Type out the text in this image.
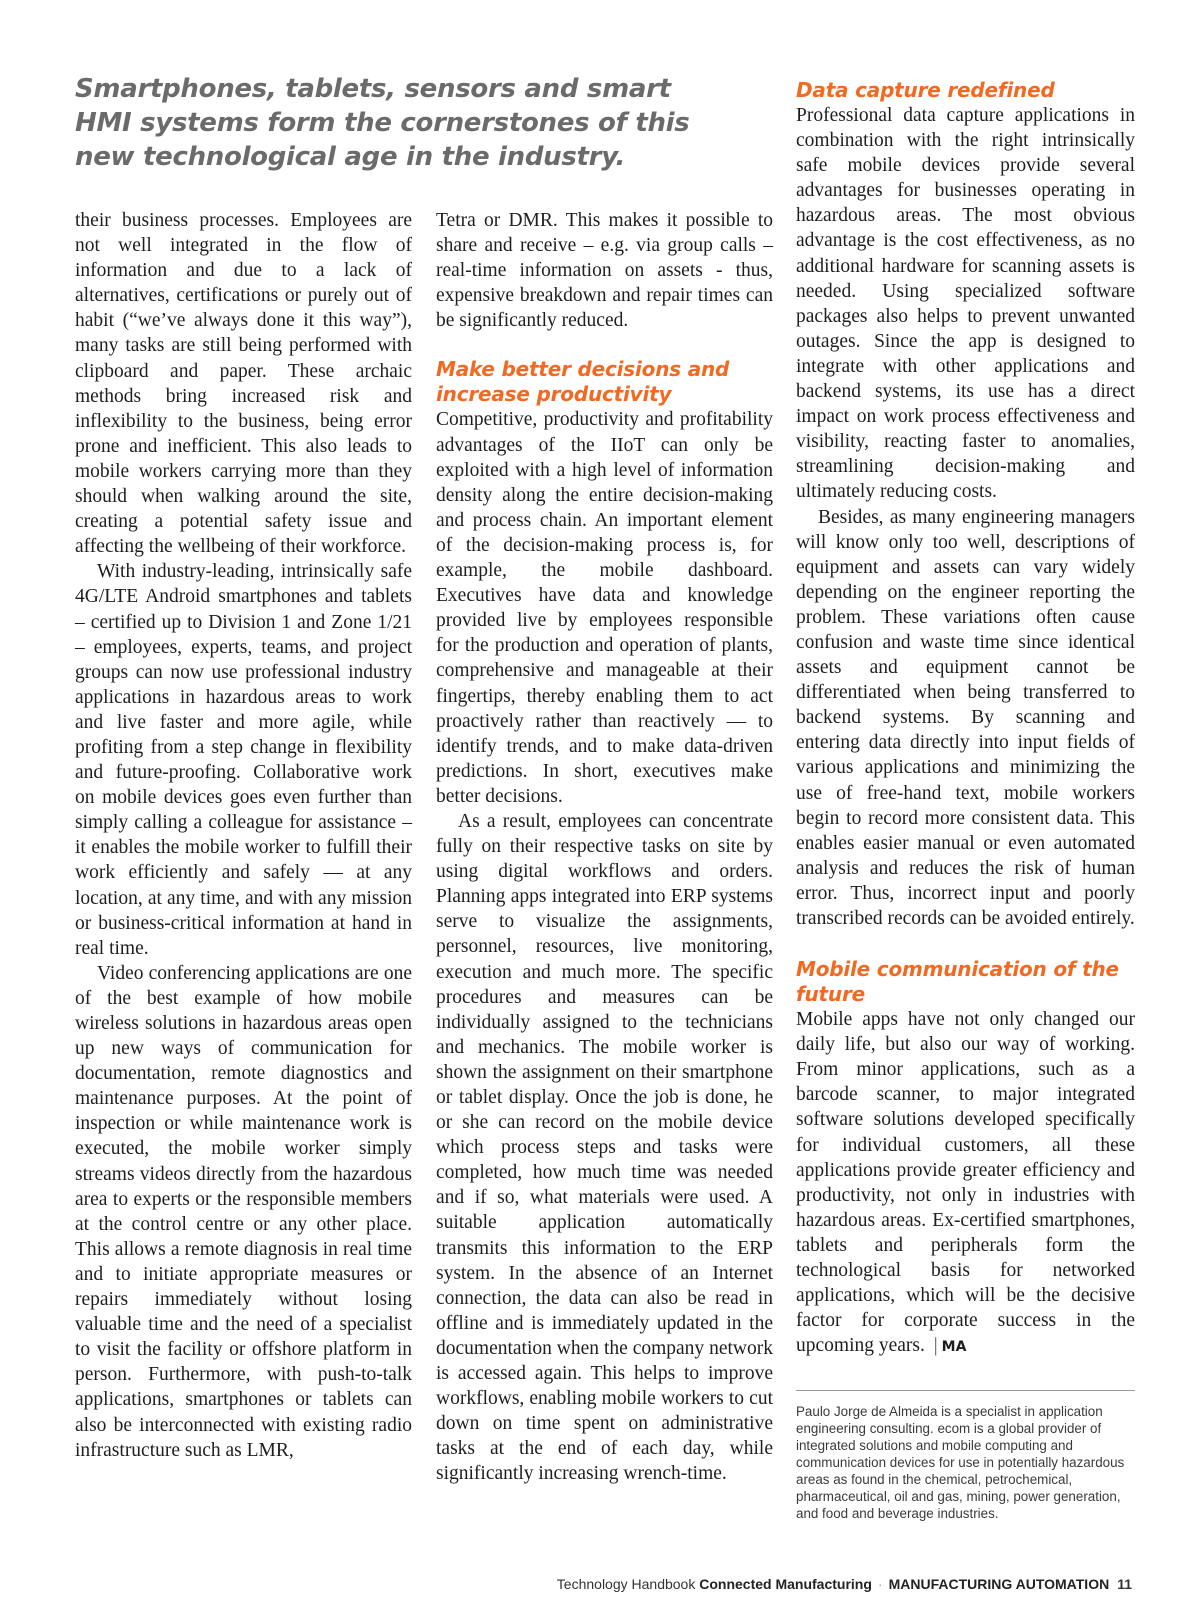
Smartphones, tablets, sensors and smart HMI systems form the cornerstones of this new technological age in the industry.

their business processes. Employees are not well integrated in the flow of information and due to a lack of alternatives, certifications or purely out of habit (“we’ve always done it this way”), many tasks are still being performed with clipboard and paper. These archaic methods bring increased risk and inflexibility to the business, being error prone and inefficient. This also leads to mobile workers carrying more than they should when walking around the site, creating a potential safety issue and affecting the wellbeing of their workforce.

With industry-leading, intrinsically safe 4G/LTE Android smartphones and tablets – certified up to Division 1 and Zone 1/21 – employees, experts, teams, and project groups can now use professional industry applications in hazardous areas to work and live faster and more agile, while profiting from a step change in flexibility and future-proofing. Collaborative work on mobile devices goes even further than simply calling a colleague for assistance – it enables the mobile worker to fulfill their work efficiently and safely — at any location, at any time, and with any mission or business-critical information at hand in real time.

Video conferencing applications are one of the best example of how mobile wireless solutions in hazardous areas open up new ways of communication for documentation, remote diagnostics and maintenance purposes. At the point of inspection or while maintenance work is executed, the mobile worker simply streams videos directly from the hazardous area to experts or the responsible members at the control centre or any other place. This allows a remote diagnosis in real time and to initiate appropriate measures or repairs immediately without losing valuable time and the need of a specialist to visit the facility or offshore platform in person. Furthermore, with push-to-talk applications, smartphones or tablets can also be interconnected with existing radio infrastructure such as LMR,

Tetra or DMR. This makes it possible to share and receive – e.g. via group calls – real-time information on assets - thus, expensive breakdown and repair times can be significantly reduced.

Make better decisions and increase productivity

Competitive, productivity and profitability advantages of the IIoT can only be exploited with a high level of information density along the entire decision-making and process chain. An important element of the decision-making process is, for example, the mobile dashboard. Executives have data and knowledge provided live by employees responsible for the production and operation of plants, comprehensive and manageable at their fingertips, thereby enabling them to act proactively rather than reactively — to identify trends, and to make data-driven predictions. In short, executives make better decisions.

As a result, employees can concentrate fully on their respective tasks on site by using digital workflows and orders. Planning apps integrated into ERP systems serve to visualize the assignments, personnel, resources, live monitoring, execution and much more. The specific procedures and measures can be individually assigned to the technicians and mechanics. The mobile worker is shown the assignment on their smartphone or tablet display. Once the job is done, he or she can record on the mobile device which process steps and tasks were completed, how much time was needed and if so, what materials were used. A suitable application automatically transmits this information to the ERP system. In the absence of an Internet connection, the data can also be read in offline and is immediately updated in the documentation when the company network is accessed again. This helps to improve workflows, enabling mobile workers to cut down on time spent on administrative tasks at the end of each day, while significantly increasing wrench-time.

Data capture redefined

Professional data capture applications in combination with the right intrinsically safe mobile devices provide several advantages for businesses operating in hazardous areas. The most obvious advantage is the cost effectiveness, as no additional hardware for scanning assets is needed. Using specialized software packages also helps to prevent unwanted outages. Since the app is designed to integrate with other applications and backend systems, its use has a direct impact on work process effectiveness and visibility, reacting faster to anomalies, streamlining decision-making and ultimately reducing costs.

Besides, as many engineering managers will know only too well, descriptions of equipment and assets can vary widely depending on the engineer reporting the problem. These variations often cause confusion and waste time since identical assets and equipment cannot be differentiated when being transferred to backend systems. By scanning and entering data directly into input fields of various applications and minimizing the use of free-hand text, mobile workers begin to record more consistent data. This enables easier manual or even automated analysis and reduces the risk of human error. Thus, incorrect input and poorly transcribed records can be avoided entirely.

Mobile communication of the future

Mobile apps have not only changed our daily life, but also our way of working. From minor applications, such as a barcode scanner, to major integrated software solutions developed specifically for individual customers, all these applications provide greater efficiency and productivity, not only in industries with hazardous areas. Ex-certified smartphones, tablets and peripherals form the technological basis for networked applications, which will be the decisive factor for corporate success in the upcoming years. | MA

Paulo Jorge de Almeida is a specialist in application engineering consulting. ecom is a global provider of integrated solutions and mobile computing and communication devices for use in potentially hazardous areas as found in the chemical, petrochemical, pharmaceutical, oil and gas, mining, power generation, and food and beverage industries.

Technology Handbook Connected Manufacturing · MANUFACTURING AUTOMATION 11
